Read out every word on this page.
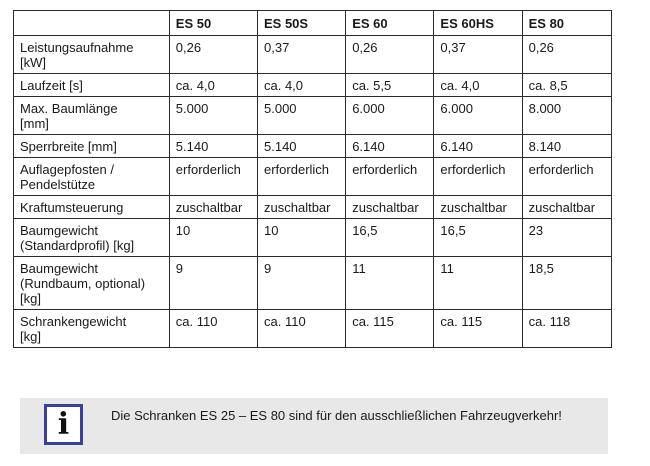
	ES 50	ES 50S	ES 60	ES 60HS	ES 80
Leistungsaufnahme
[kW]	0,26	0,37	0,26	0,37	0,26
Laufzeit [s]	ca. 4,0	ca. 4,0	ca. 5,5	ca. 4,0	ca. 8,5
Max. Baumlänge
[mm]	5.000	5.000	6.000	6.000	8.000
Sperrbreite [mm]	5.140	5.140	6.140	6.140	8.140
Auflagepfosten /
Pendelstütze	erforderlich	erforderlich	erforderlich	erforderlich	erforderlich
Kraftumsteuerung	zuschaltbar	zuschaltbar	zuschaltbar	zuschaltbar	zuschaltbar
Baumgewicht
(Standardprofil) [kg]	10	10	16,5	16,5	23
Baumgewicht
(Rundbaum, optional)
[kg]	9	9	11	11	18,5
Schrankengewicht
[kg]	ca. 110	ca. 110	ca. 115	ca. 115	ca. 118
i	Die Schranken ES 25 – ES 80 sind für den ausschließlichen Fahrzeugverkehr!
